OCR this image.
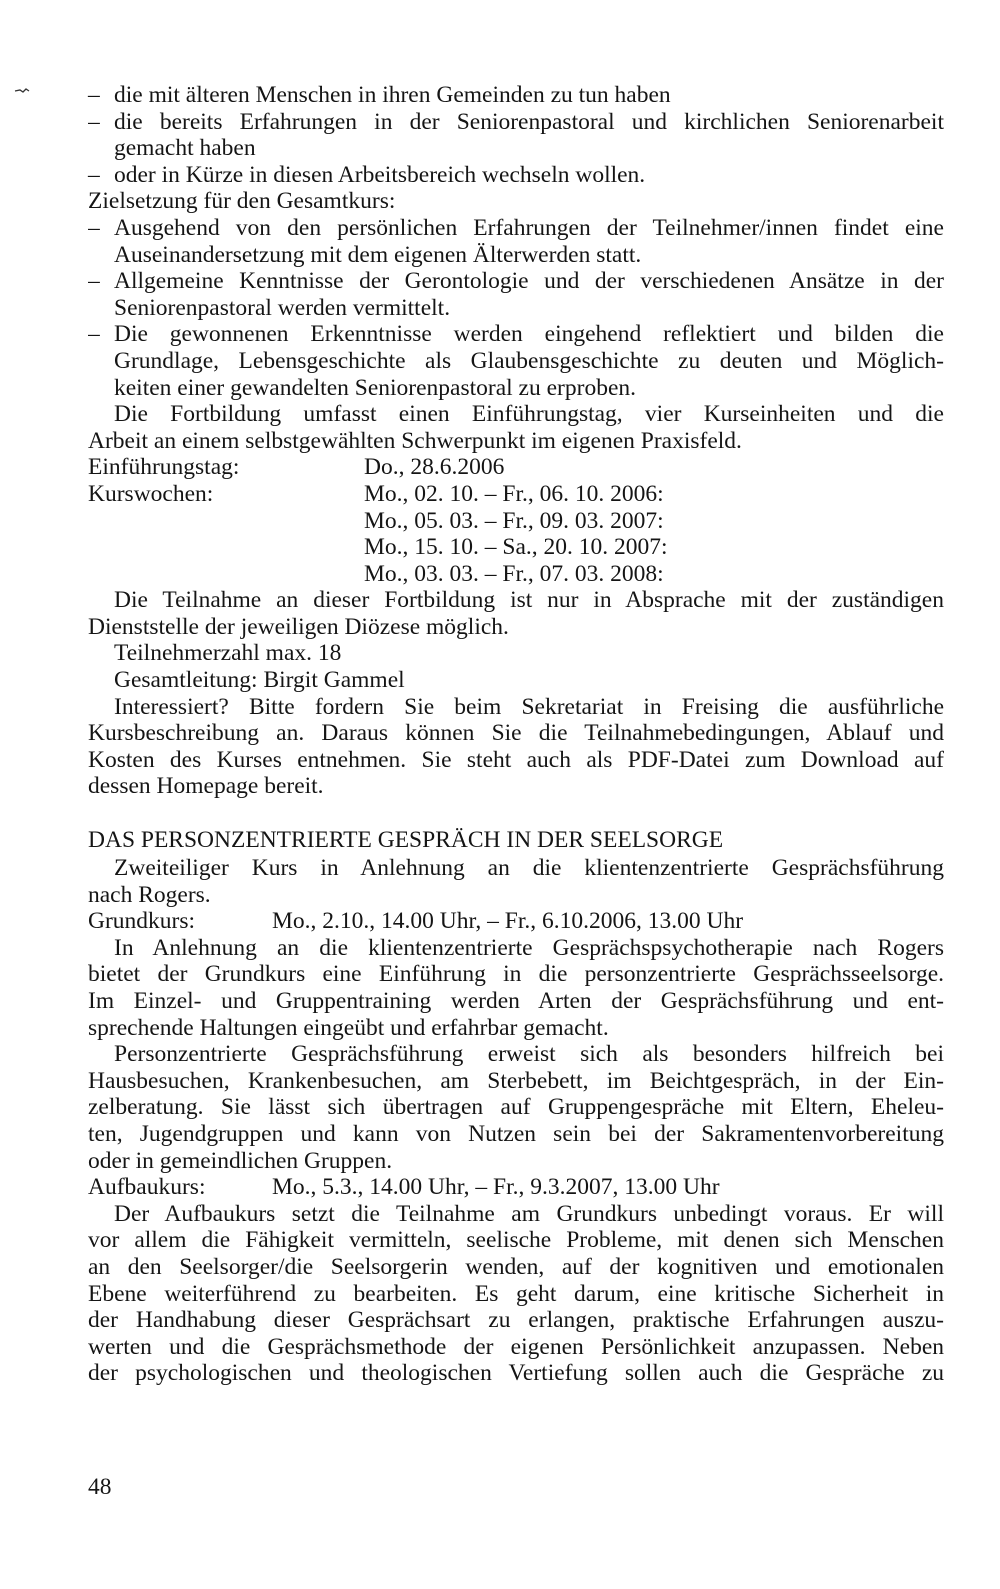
– die mit älteren Menschen in ihren Gemeinden zu tun haben
– die bereits Erfahrungen in der Seniorenpastoral und kirchlichen Seniorenarbeit
gemacht haben
– oder in Kürze in diesen Arbeitsbereich wechseln wollen.
Zielsetzung für den Gesamtkurs:
– Ausgehend von den persönlichen Erfahrungen der Teilnehmer/innen findet eine
Auseinandersetzung mit dem eigenen Älterwerden statt.
– Allgemeine Kenntnisse der Gerontologie und der verschiedenen Ansätze in der
Seniorenpastoral werden vermittelt.
– Die gewonnenen Erkenntnisse werden eingehend reflektiert und bilden die
Grundlage, Lebensgeschichte als Glaubensgeschichte zu deuten und Möglich-
keiten einer gewandelten Seniorenpastoral zu erproben.
Die Fortbildung umfasst einen Einführungstag, vier Kurseinheiten und die
Arbeit an einem selbstgewählten Schwerpunkt im eigenen Praxisfeld.
Einführungstag:	Do., 28.6.2006
Kurswochen:	Mo., 02. 10. – Fr., 06. 10. 2006:
Mo., 05. 03. – Fr., 09. 03. 2007:
Mo., 15. 10. – Sa., 20. 10. 2007:
Mo., 03. 03. – Fr., 07. 03. 2008:
Die Teilnahme an dieser Fortbildung ist nur in Absprache mit der zuständigen
Dienststelle der jeweiligen Diözese möglich.
Teilnehmerzahl max. 18
Gesamtleitung: Birgit Gammel
Interessiert? Bitte fordern Sie beim Sekretariat in Freising die ausführliche
Kursbeschreibung an. Daraus können Sie die Teilnahmebedingungen, Ablauf und
Kosten des Kurses entnehmen. Sie steht auch als PDF-Datei zum Download auf
dessen Homepage bereit.
DAS PERSONZENTRIERTE GESPRÄCH IN DER SEELSORGE
Zweiteiliger Kurs in Anlehnung an die klientenzentrierte Gesprächsführung
nach Rogers.
Grundkurs:	Mo., 2.10., 14.00 Uhr, – Fr., 6.10.2006, 13.00 Uhr
In Anlehnung an die klientenzentrierte Gesprächspsychotherapie nach Rogers
bietet der Grundkurs eine Einführung in die personzentrierte Gesprächsseelsorge.
Im Einzel- und Gruppentraining werden Arten der Gesprächsführung und ent-
sprechende Haltungen eingeübt und erfahrbar gemacht.
Personzentrierte Gesprächsführung erweist sich als besonders hilfreich bei
Hausbesuchen, Krankenbesuchen, am Sterbebett, im Beichtgespräch, in der Ein-
zelberatung. Sie lässt sich übertragen auf Gruppengespräche mit Eltern, Eheleu-
ten, Jugendgruppen und kann von Nutzen sein bei der Sakramentenvorbereitung
oder in gemeindlichen Gruppen.
Aufbaukurs:	Mo., 5.3., 14.00 Uhr, – Fr., 9.3.2007, 13.00 Uhr
Der Aufbaukurs setzt die Teilnahme am Grundkurs unbedingt voraus. Er will
vor allem die Fähigkeit vermitteln, seelische Probleme, mit denen sich Menschen
an den Seelsorger/die Seelsorgerin wenden, auf der kognitiven und emotionalen
Ebene weiterführend zu bearbeiten. Es geht darum, eine kritische Sicherheit in
der Handhabung dieser Gesprächsart zu erlangen, praktische Erfahrungen auszu-
werten und die Gesprächsmethode der eigenen Persönlichkeit anzupassen. Neben
der psychologischen und theologischen Vertiefung sollen auch die Gespräche zu
48
